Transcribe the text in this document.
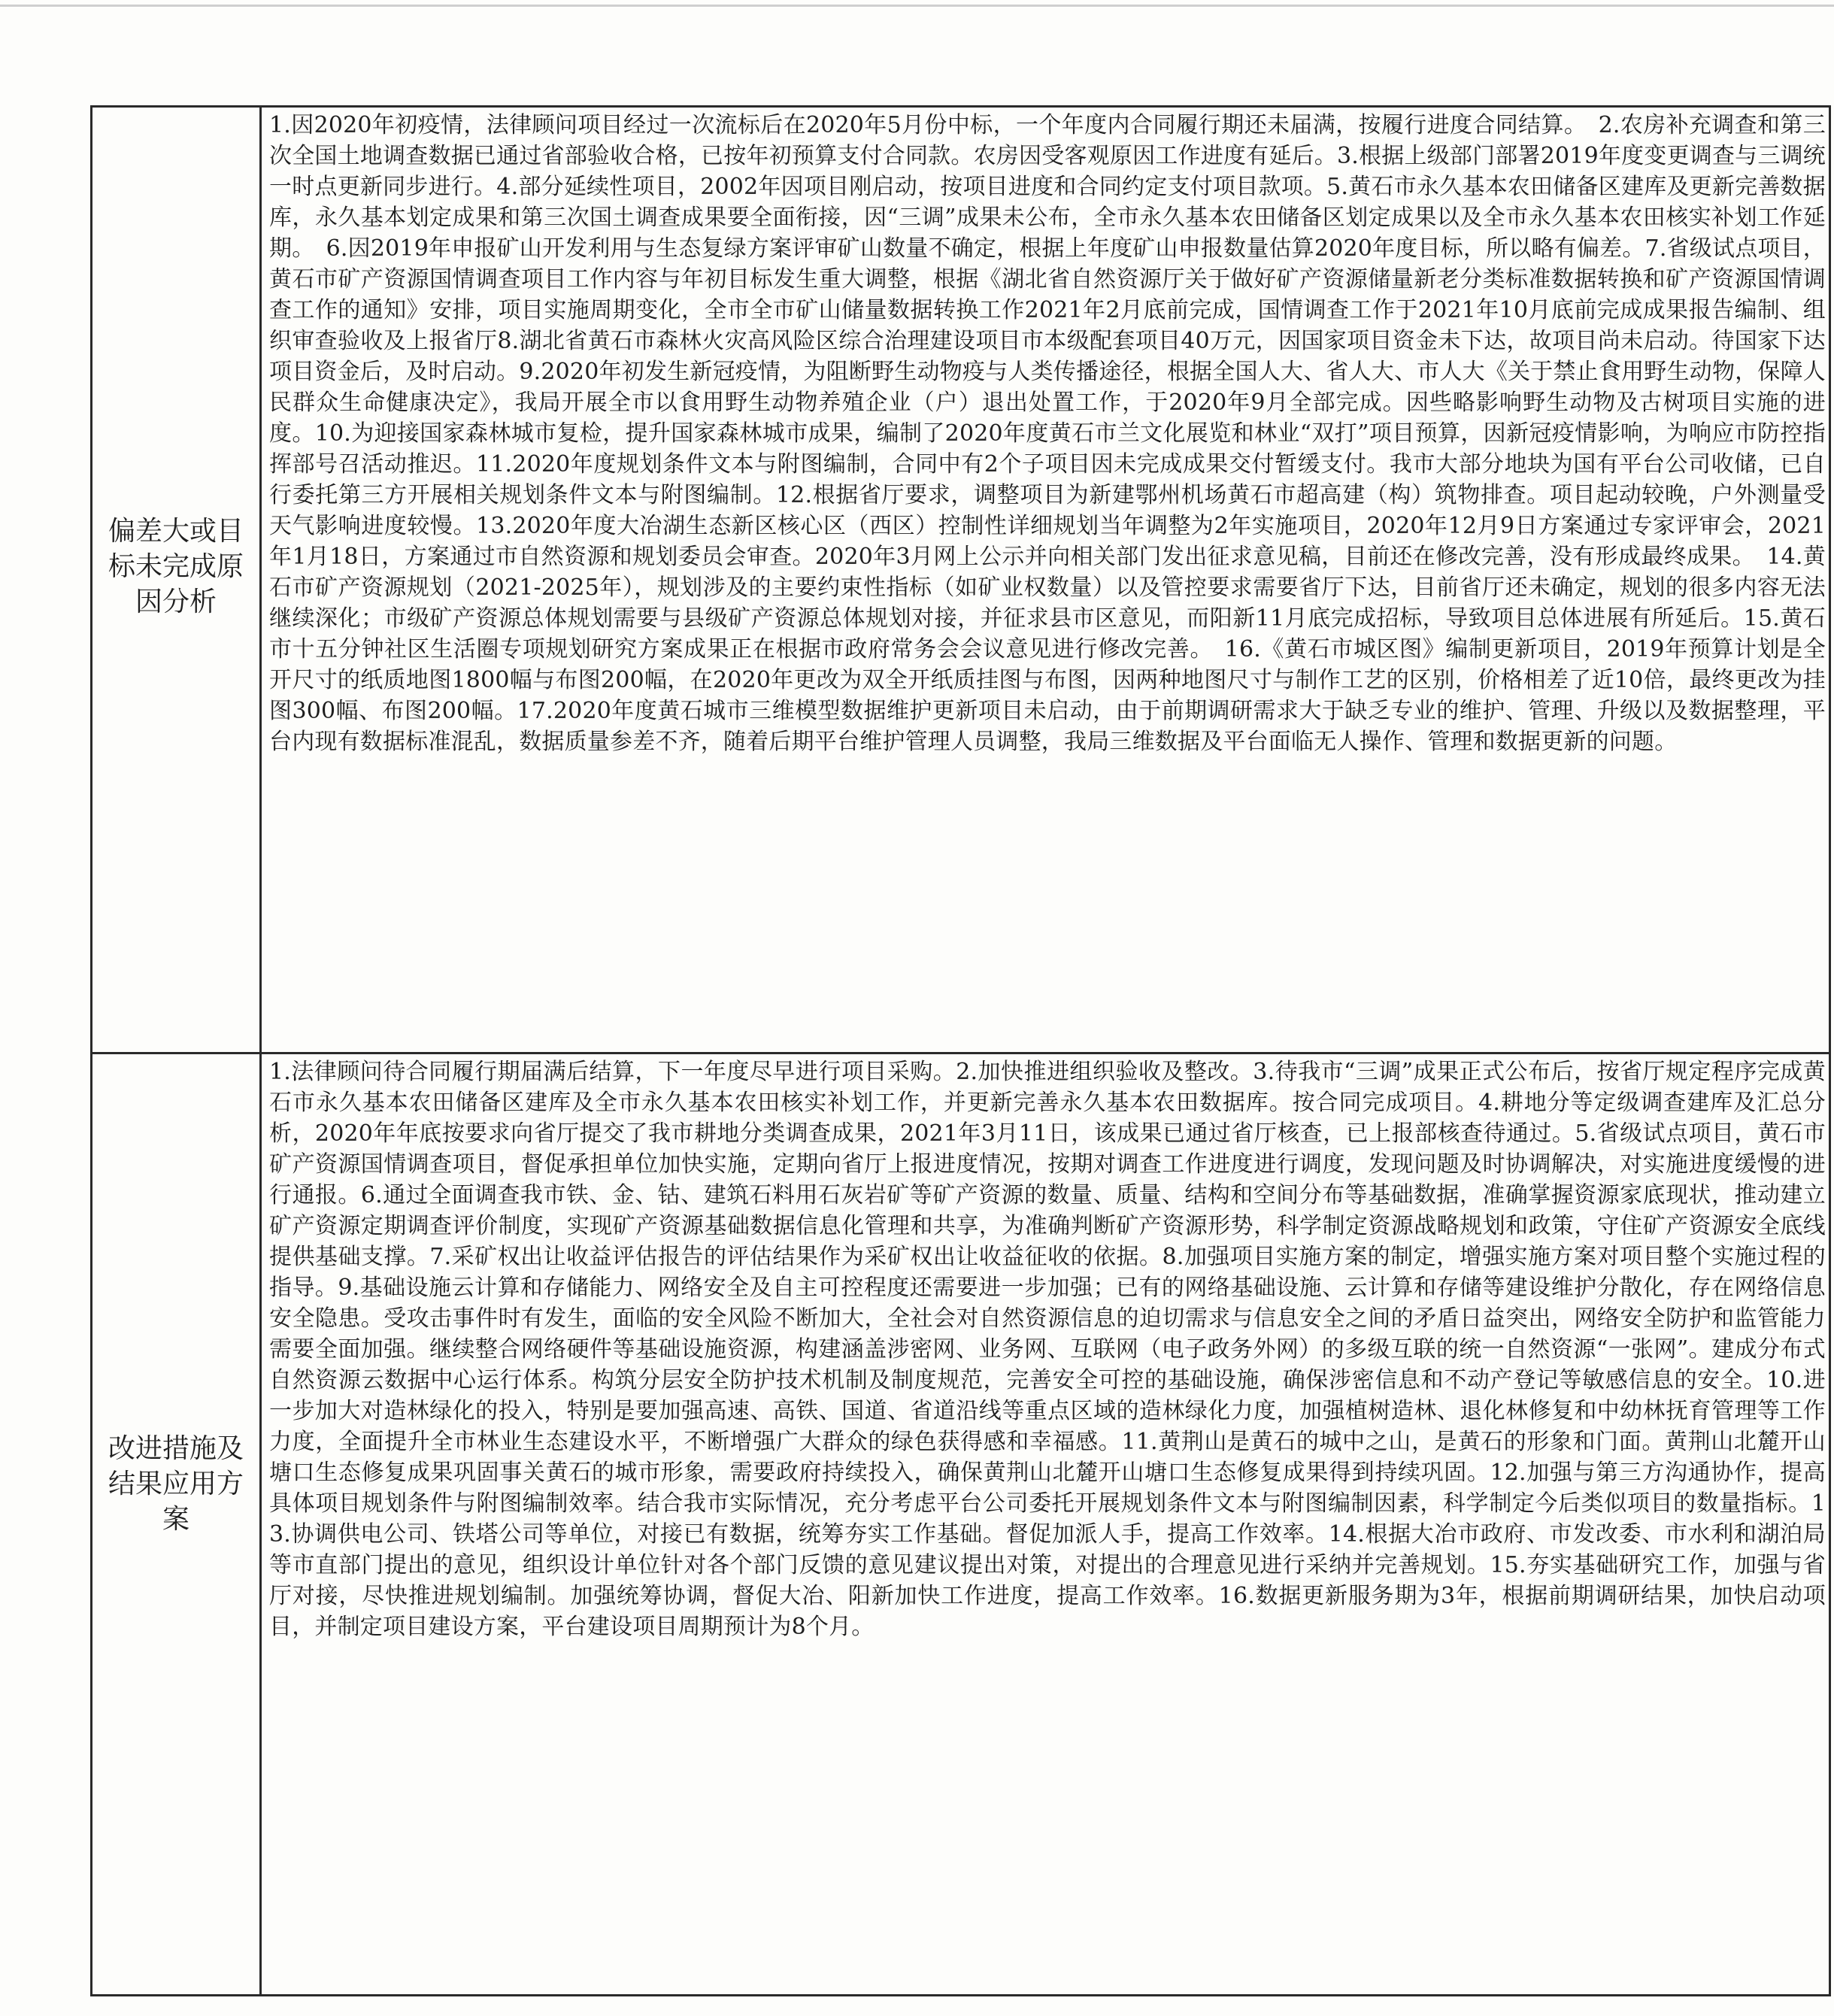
偏差大或目标未完成原因分析
改进措施及结果应用方案
1.因2020年初疫情，法律顾问项目经过一次流标后在2020年5月份中标，一个年度内合同履行期还未届满，按履行进度合同结算。　2.农房补充调查和第三次全国土地调查数据已通过省部验收合格，已按年初预算支付合同款。农房因受客观原因工作进度有延后。3.根据上级部门部署2019年度变更调查与三调统一时点更新同步进行。4.部分延续性项目，2002年因项目刚启动，按项目进度和合同约定支付项目款项。5.黄石市永久基本农田储备区建库及更新完善数据库，永久基本划定成果和第三次国土调查成果要全面衔接，因“三调”成果未公布，全市永久基本农田储备区划定成果以及全市永久基本农田核实补划工作延期。　6.因2019年申报矿山开发利用与生态复绿方案评审矿山数量不确定，根据上年度矿山申报数量估算2020年度目标，所以略有偏差。7.省级试点项目，黄石市矿产资源国情调查项目工作内容与年初目标发生重大调整，根据《湖北省自然资源厅关于做好矿产资源储量新老分类标准数据转换和矿产资源国情调查工作的通知》安排，项目实施周期变化，全市全市矿山储量数据转换工作2021年2月底前完成，国情调查工作于2021年10月底前完成成果报告编制、组织审查验收及上报省厅8.湖北省黄石市森林火灾高风险区综合治理建设项目市本级配套项目40万元，因国家项目资金未下达，故项目尚未启动。待国家下达项目资金后，及时启动。9.2020年初发生新冠疫情，为阻断野生动物疫与人类传播途径，根据全国人大、省人大、市人大《关于禁止食用野生动物，保障人民群众生命健康决定》，我局开展全市以食用野生动物养殖企业（户）退出处置工作，于2020年9月全部完成。因些略影响野生动物及古树项目实施的进度。10.为迎接国家森林城市复检，提升国家森林城市成果，编制了2020年度黄石市兰文化展览和林业“双打”项目预算，因新冠疫情影响，为响应市防控指挥部号召活动推迟。11.2020年度规划条件文本与附图编制，合同中有2个子项目因未完成成果交付暂缓支付。我市大部分地块为国有平台公司收储，已自行委托第三方开展相关规划条件文本与附图编制。12.根据省厅要求，调整项目为新建鄂州机场黄石市超高建（构）筑物排查。项目起动较晚，户外测量受天气影响进度较慢。13.2020年度大冶湖生态新区核心区（西区）控制性详细规划当年调整为2年实施项目，2020年12月9日方案通过专家评审会，2021年1月18日，方案通过市自然资源和规划委员会审查。2020年3月网上公示并向相关部门发出征求意见稿，目前还在修改完善，没有形成最终成果。　14.黄石市矿产资源规划（2021-2025年），规划涉及的主要约束性指标（如矿业权数量）以及管控要求需要省厅下达，目前省厅还未确定，规划的很多内容无法继续深化；市级矿产资源总体规划需要与县级矿产资源总体规划对接，并征求县市区意见，而阳新11月底完成招标，导致项目总体进展有所延后。15.黄石市十五分钟社区生活圈专项规划研究方案成果正在根据市政府常务会会议意见进行修改完善。　16.《黄石市城区图》编制更新项目，2019年预算计划是全开尺寸的纸质地图1800幅与布图200幅，在2020年更改为双全开纸质挂图与布图，因两种地图尺寸与制作工艺的区别，价格相差了近10倍，最终更改为挂图300幅、布图200幅。17.2020年度黄石城市三维模型数据维护更新项目未启动，由于前期调研需求大于缺乏专业的维护、管理、升级以及数据整理，平台内现有数据标准混乱，数据质量参差不齐，随着后期平台维护管理人员调整，我局三维数据及平台面临无人操作、管理和数据更新的问题。
1.法律顾问待合同履行期届满后结算，下一年度尽早进行项目采购。2.加快推进组织验收及整改。3.待我市“三调”成果正式公布后，按省厅规定程序完成黄石市永久基本农田储备区建库及全市永久基本农田核实补划工作，并更新完善永久基本农田数据库。按合同完成项目。4.耕地分等定级调查建库及汇总分析，2020年年底按要求向省厅提交了我市耕地分类调查成果，2021年3月11日，该成果已通过省厅核查，已上报部核查待通过。5.省级试点项目，黄石市矿产资源国情调查项目，督促承担单位加快实施，定期向省厅上报进度情况，按期对调查工作进度进行调度，发现问题及时协调解决，对实施进度缓慢的进行通报。6.通过全面调查我市铁、金、钴、建筑石料用石灰岩矿等矿产资源的数量、质量、结构和空间分布等基础数据，准确掌握资源家底现状，推动建立矿产资源定期调查评价制度，实现矿产资源基础数据信息化管理和共享，为准确判断矿产资源形势，科学制定资源战略规划和政策，守住矿产资源安全底线提供基础支撑。7.采矿权出让收益评估报告的评估结果作为采矿权出让收益征收的依据。8.加强项目实施方案的制定，增强实施方案对项目整个实施过程的指导。9.基础设施云计算和存储能力、网络安全及自主可控程度还需要进一步加强；已有的网络基础设施、云计算和存储等建设维护分散化，存在网络信息安全隐患。受攻击事件时有发生，面临的安全风险不断加大，全社会对自然资源信息的迫切需求与信息安全之间的矛盾日益突出，网络安全防护和监管能力需要全面加强。继续整合网络硬件等基础设施资源，构建涵盖涉密网、业务网、互联网（电子政务外网）的多级互联的统一自然资源“一张网”。建成分布式自然资源云数据中心运行体系。构筑分层安全防护技术机制及制度规范，完善安全可控的基础设施，确保涉密信息和不动产登记等敏感信息的安全。10.进一步加大对造林绿化的投入，特别是要加强高速、高铁、国道、省道沿线等重点区域的造林绿化力度，加强植树造林、退化林修复和中幼林抚育管理等工作力度，全面提升全市林业生态建设水平，不断增强广大群众的绿色获得感和幸福感。11.黄荆山是黄石的城中之山，是黄石的形象和门面。黄荆山北麓开山塘口生态修复成果巩固事关黄石的城市形象，需要政府持续投入，确保黄荆山北麓开山塘口生态修复成果得到持续巩固。12.加强与第三方沟通协作，提高具体项目规划条件与附图编制效率。结合我市实际情况，充分考虑平台公司委托开展规划条件文本与附图编制因素，科学制定今后类似项目的数量指标。13.协调供电公司、铁塔公司等单位，对接已有数据，统筹夯实工作基础。督促加派人手，提高工作效率。14.根据大冶市政府、市发改委、市水利和湖泊局等市直部门提出的意见，组织设计单位针对各个部门反馈的意见建议提出对策，对提出的合理意见进行采纳并完善规划。15.夯实基础研究工作，加强与省厅对接，尽快推进规划编制。加强统筹协调，督促大冶、阳新加快工作进度，提高工作效率。16.数据更新服务期为3年，根据前期调研结果，加快启动项目，并制定项目建设方案，平台建设项目周期预计为8个月。
